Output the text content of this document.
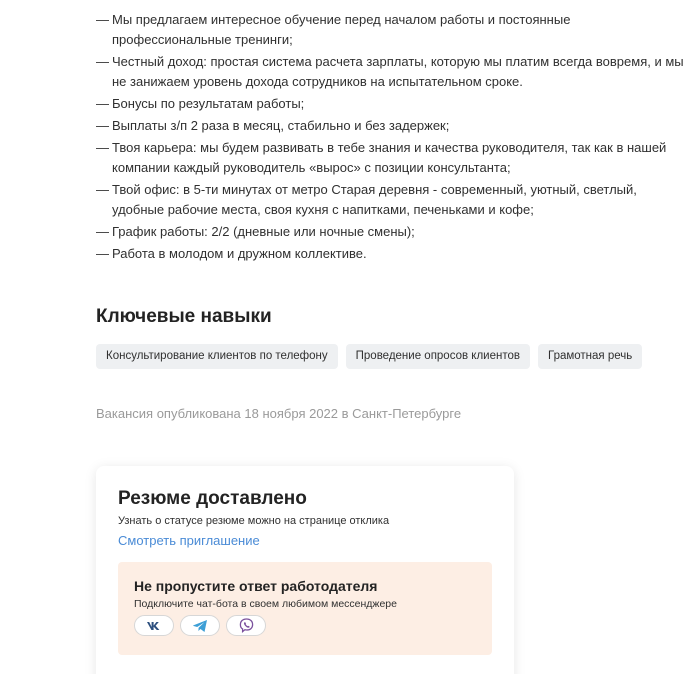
— Мы предлагаем интересное обучение перед началом работы и постоянные профессиональные тренинги;
— Честный доход: простая система расчета зарплаты, которую мы платим всегда вовремя, и мы не занижаем уровень дохода сотрудников на испытательном сроке.
— Бонусы по результатам работы;
— Выплаты з/п 2 раза в месяц, стабильно и без задержек;
— Твоя карьера: мы будем развивать в тебе знания и качества руководителя, так как в нашей компании каждый руководитель «вырос» с позиции консультанта;
— Твой офис: в 5-ти минутах от метро Старая деревня - современный, уютный, светлый, удобные рабочие места, своя кухня с напитками, печеньками и кофе;
— График работы: 2/2 (дневные или ночные смены);
— Работа в молодом и дружном коллективе.
Ключевые навыки
Консультирование клиентов по телефону	Проведение опросов клиентов	Грамотная речь

Вакансия опубликована 18 ноября 2022 в Санкт-Петербурге

Резюме доставлено
Узнать о статусе резюме можно на странице отклика
Смотреть приглашение
Не пропустите ответ работодателя
Подключите чат-бота в своем любимом мессенджере
